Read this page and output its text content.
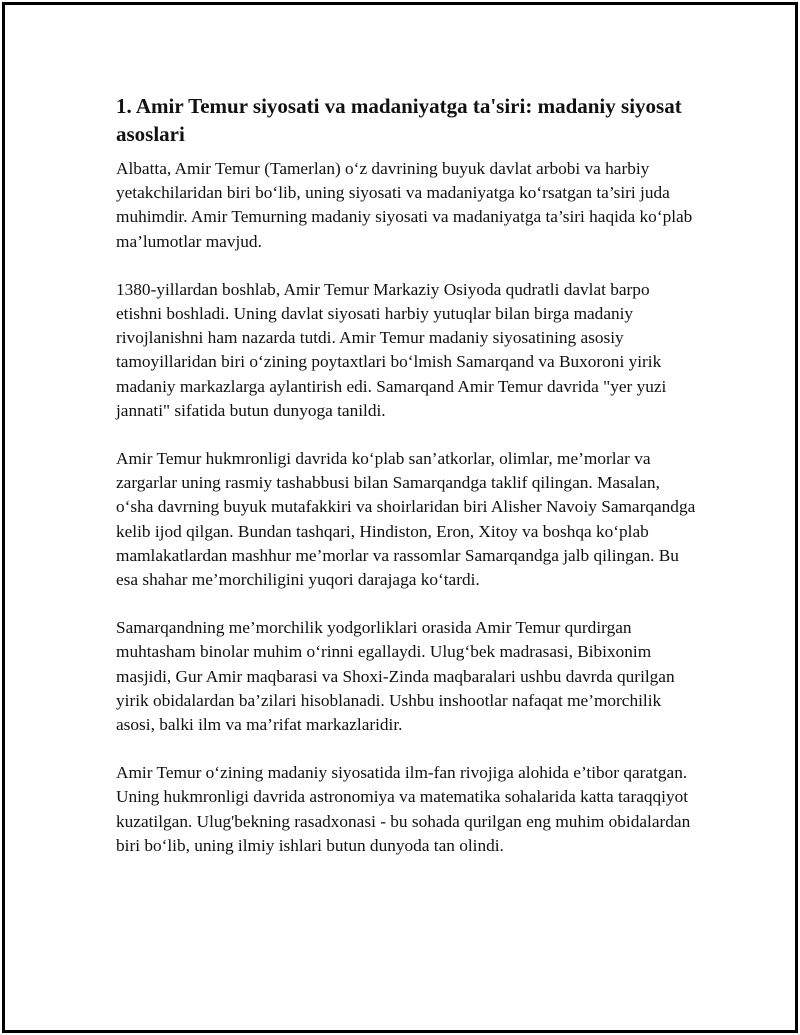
1. Amir Temur siyosati va madaniyatga ta'siri: madaniy siyosat asoslari

Albatta, Amir Temur (Tamerlan) o‘z davrining buyuk davlat arbobi va harbiy yetakchilaridan biri bo‘lib, uning siyosati va madaniyatga ko‘rsatgan ta’siri juda muhimdir. Amir Temurning madaniy siyosati va madaniyatga ta’siri haqida ko‘plab ma’lumotlar mavjud.

1380-yillardan boshlab, Amir Temur Markaziy Osiyoda qudratli davlat barpo etishni boshladi. Uning davlat siyosati harbiy yutuqlar bilan birga madaniy rivojlanishni ham nazarda tutdi. Amir Temur madaniy siyosatining asosiy tamoyillaridan biri o‘zining poytaxtlari bo‘lmish Samarqand va Buxoroni yirik madaniy markazlarga aylantirish edi. Samarqand Amir Temur davrida "yer yuzi jannati" sifatida butun dunyoga tanildi.

Amir Temur hukmronligi davrida ko‘plab san’atkorlar, olimlar, me’morlar va zargarlar uning rasmiy tashabbusi bilan Samarqandga taklif qilingan. Masalan, o‘sha davrning buyuk mutafakkiri va shoirlaridan biri Alisher Navoiy Samarqandga kelib ijod qilgan. Bundan tashqari, Hindiston, Eron, Xitoy va boshqa ko‘plab mamlakatlardan mashhur me’morlar va rassomlar Samarqandga jalb qilingan. Bu esa shahar me’morchiligini yuqori darajaga ko‘tardi.

Samarqandning me’morchilik yodgorliklari orasida Amir Temur qurdirgan muhtasham binolar muhim o‘rinni egallaydi. Ulug‘bek madrasasi, Bibixonim masjidi, Gur Amir maqbarasi va Shoxi-Zinda maqbaralari ushbu davrda qurilgan yirik obidalardan ba’zilari hisoblanadi. Ushbu inshootlar nafaqat me’morchilik asosi, balki ilm va ma’rifat markazlaridir.

Amir Temur o‘zining madaniy siyosatida ilm-fan rivojiga alohida e’tibor qaratgan. Uning hukmronligi davrida astronomiya va matematika sohalarida katta taraqqiyot kuzatilgan. Ulug'bekning rasadxonasi - bu sohada qurilgan eng muhim obidalardan biri bo‘lib, uning ilmiy ishlari butun dunyoda tan olindi.
